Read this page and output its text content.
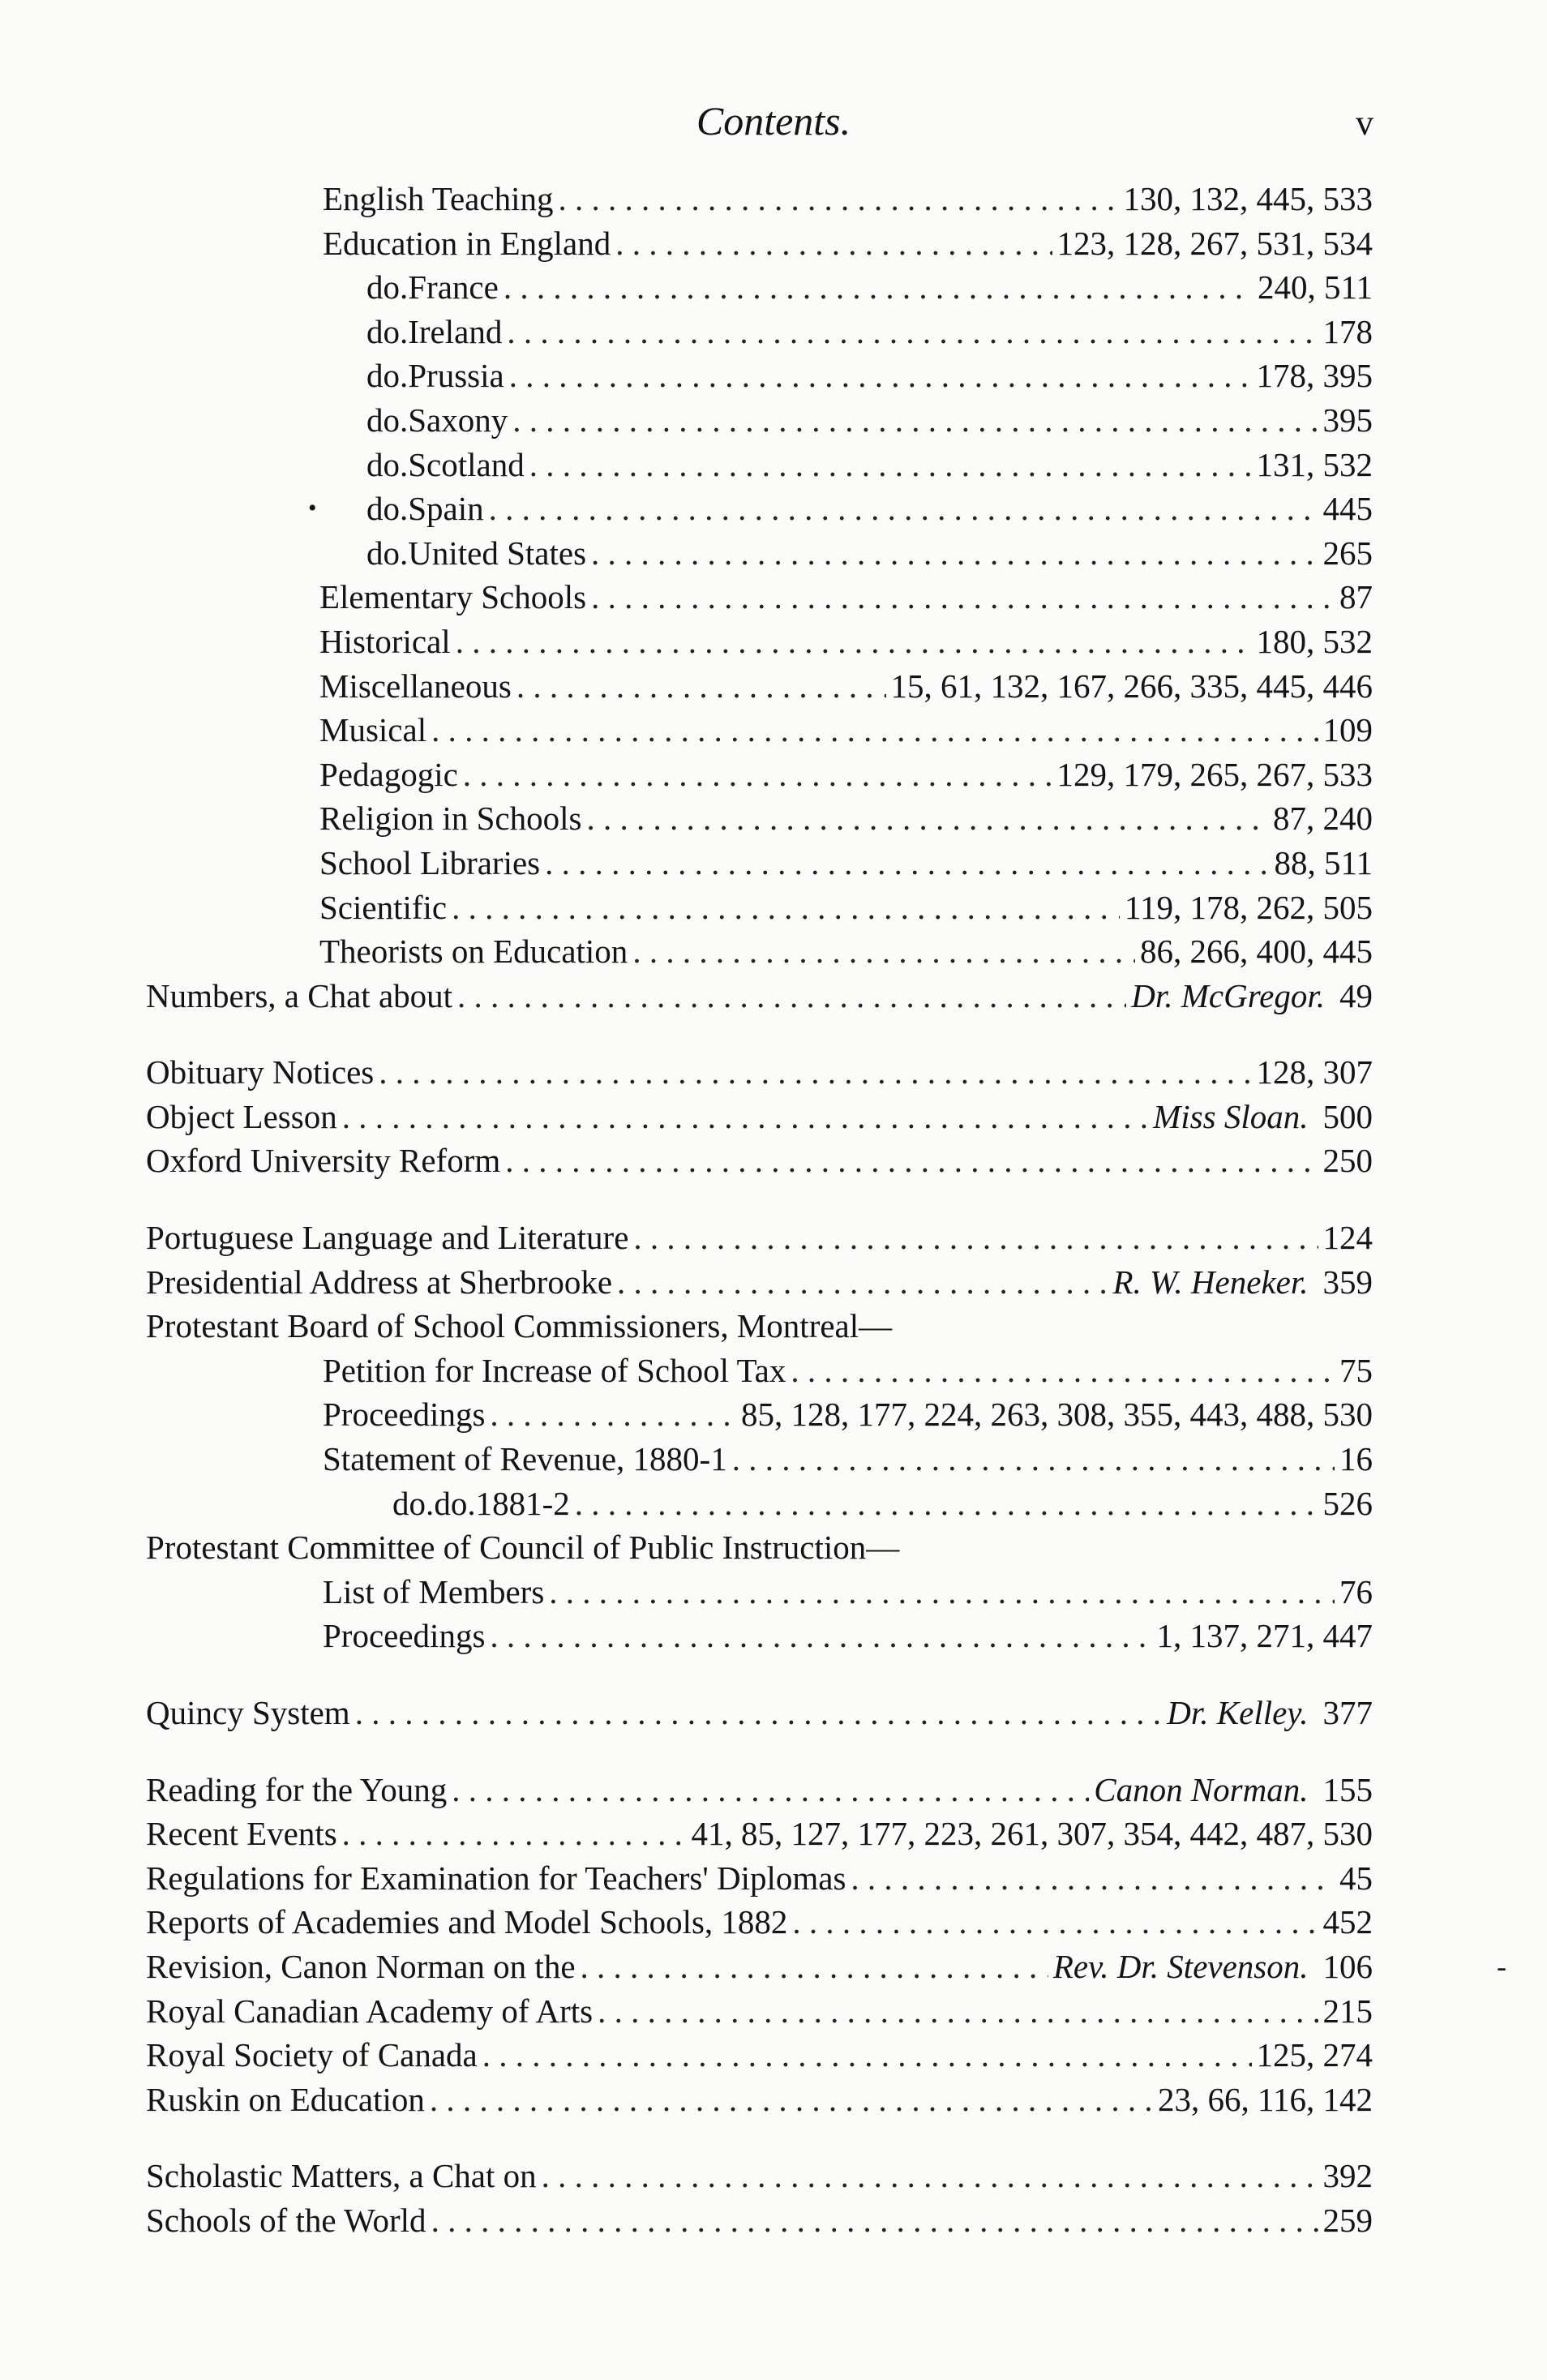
Contents.	v
English Teaching . . .	130, 132, 445, 533
Education in England . . .	123, 128, 267, 531, 534
do. France . . .	240, 511
do. Ireland . . .	178
do. Prussia . . .	178, 395
do. Saxony . . .	395
do. Scotland . . .	131, 532
• do. Spain . . .	445
do. United States . . .	265
Elementary Schools . . .	87
Historical . . .	180, 532
Miscellaneous . . .	15, 61, 132, 167, 266, 335, 445, 446
Musical . . .	109
Pedagogic . . .	129, 179, 265, 267, 533
Religion in Schools . . .	87, 240
School Libraries . . .	88, 511
Scientific . . .	119, 178, 262, 505
Theorists on Education . . .	86, 266, 400, 445
Numbers, a Chat about . . .	Dr. McGregor. 49
Obituary Notices . . .	128, 307
Object Lesson . . .	Miss Sloan. 500
Oxford University Reform . . .	250
Portuguese Language and Literature . . .	124
Presidential Address at Sherbrooke . . .	R. W. Heneker. 359
Protestant Board of School Commissioners, Montreal—
Petition for Increase of School Tax . . .	75
Proceedings . . .	85, 128, 177, 224, 263, 308, 355, 443, 488, 530
Statement of Revenue, 1880-1 . . .	16
do. do. 1881-2 . . .	526
Protestant Committee of Council of Public Instruction—
List of Members . . .	76
Proceedings . . .	1, 137, 271, 447
Quincy System . . .	Dr. Kelley. 377
Reading for the Young . . .	Canon Norman. 155
Recent Events . . .	41, 85, 127, 177, 223, 261, 307, 354, 442, 487, 530
Regulations for Examination for Teachers' Diplomas . . .	45
Reports of Academies and Model Schools, 1882 . . .	452
Revision, Canon Norman on the . . .	Rev. Dr. Stevenson. 106	-
Royal Canadian Academy of Arts . . .	215
Royal Society of Canada . . .	125, 274
Ruskin on Education . . .	23, 66, 116, 142
Scholastic Matters, a Chat on . . .	392
Schools of the World . . .	259
